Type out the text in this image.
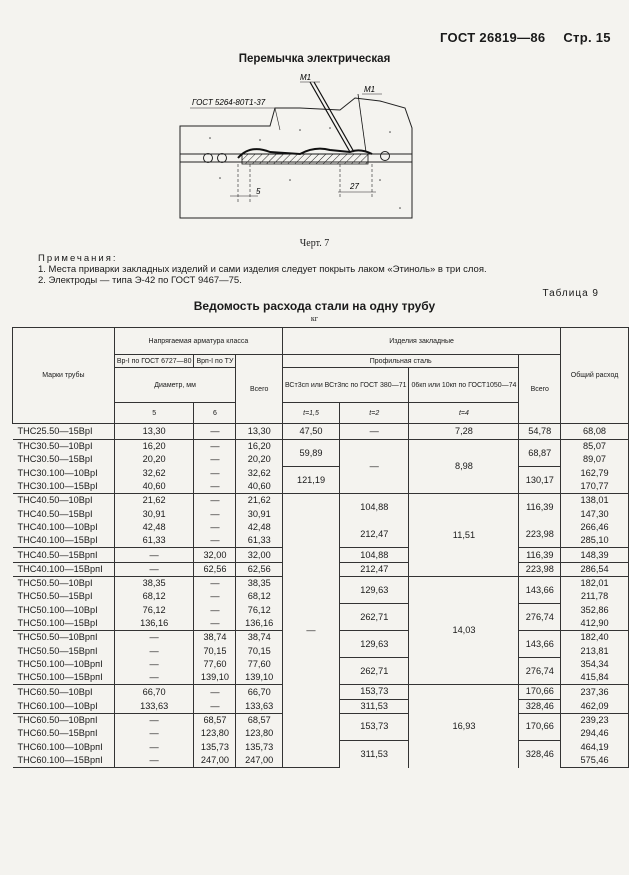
ГОСТ 26819—86 Стр. 15
Перемычка электрическая
ГОСТ 5264-80Т1-37
М1
М1
5
27
Черт. 7
Примечания:
1. Места приварки закладных изделий и сами изделия следует покрыть лаком «Этиноль» в три слоя.
2. Электроды — типа Э-42 по ГОСТ 9467—75.
Таблица 9
Ведомость расхода стали на одну трубу
кг
Марки трубы	Напрягаемая арматура класса			Изделия закладные				Общий расход
	Вр-I по ГОСТ 6727—80	Врп-I по ТУ	Всего	Профильная сталь			Всего	
	Диаметр, мм			ВСт3сп или ВСт3пс по ГОСТ 380—71		06кп или 10кп по ГОСТ1050—74		
	5	6		t=1,5	t=2	t=4		
ТНС25.50—15ВрI	13,30	—	13,30	47,50	—	7,28	54,78	68,08
ТНС30.50—10ВрI	16,20	—	16,20	59,89	—	8,98	68,87	85,07
ТНС30.50—15ВрI	20,20	—	20,20					89,07
ТНС30.100—10ВрI	32,62	—	32,62	121,19			130,17	162,79
ТНС30.100—15ВрI	40,60	—	40,60					170,77
ТНС40.50—10ВрI	21,62	—	21,62	—	104,88	11,51	116,39	138,01
ТНС40.50—15ВрI	30,91	—	30,91					147,30
ТНС40.100—10ВрI	42,48	—	42,48		212,47		223,98	266,46
ТНС40.100—15ВрI	61,33	—	61,33					285,10
ТНС40.50—15ВрпI	—	32,00	32,00		104,88		116,39	148,39
ТНС40.100—15ВрпI	—	62,56	62,56		212,47		223,98	286,54
ТНС50.50—10ВрI	38,35	—	38,35		129,63	14,03	143,66	182,01
ТНС50.50—15ВрI	68,12	—	68,12					211,78
ТНС50.100—10ВрI	76,12	—	76,12		262,71		276,74	352,86
ТНС50.100—15ВрI	136,16	—	136,16					412,90
ТНС50.50—10ВрпI	—	38,74	38,74		129,63		143,66	182,40
ТНС50.50—15ВрпI	—	70,15	70,15					213,81
ТНС50.100—10ВрпI	—	77,60	77,60		262,71		276,74	354,34
ТНС50.100—15ВрпI	—	139,10	139,10					415,84
ТНС60.50—10ВрI	66,70	—	66,70		153,73	16,93	170,66	237,36
ТНС60.100—10ВрI	133,63	—	133,63		311,53		328,46	462,09
ТНС60.50—10ВрпI	—	68,57	68,57		153,73		170,66	239,23
ТНС60.50—15ВрпI	—	123,80	123,80					294,46
ТНС60.100—10ВрпI	—	135,73	135,73		311,53		328,46	464,19
ТНС60.100—15ВрпI	—	247,00	247,00					575,46
